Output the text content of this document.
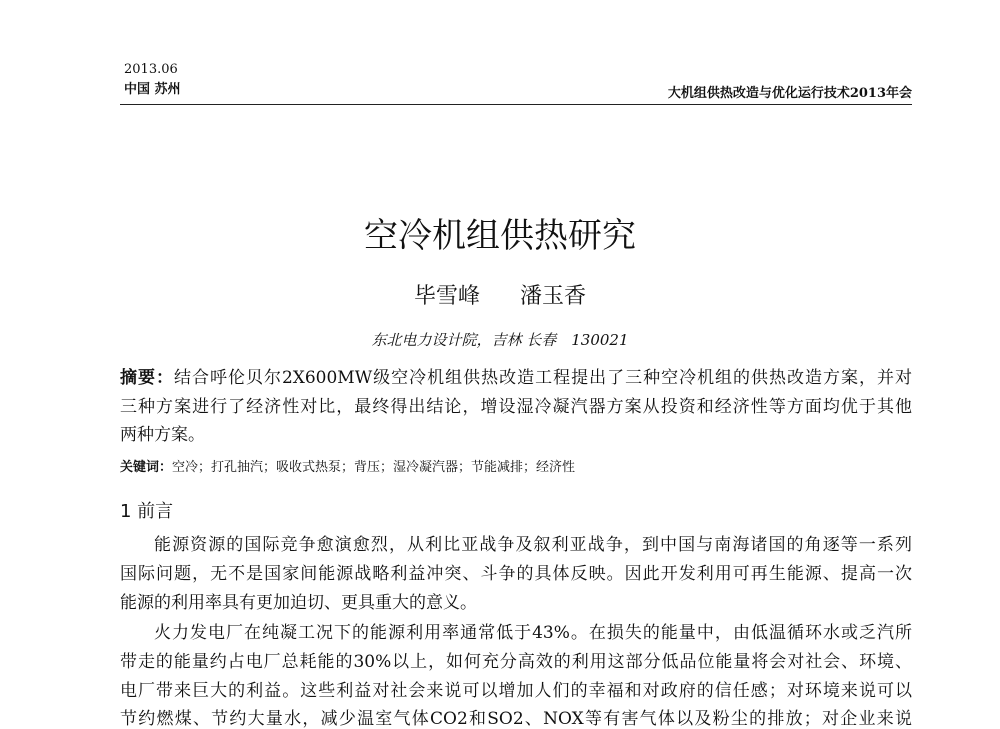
2013.06
中国 苏州	大机组供热改造与优化运行技术2013年会
空冷机组供热研究
毕雪峰 潘玉香
东北电力设计院，吉林 长春　130021
摘要：结合呼伦贝尔2X600MW级空冷机组供热改造工程提出了三种空冷机组的供热改造方案，并对
三种方案进行了经济性对比，最终得出结论，增设湿冷凝汽器方案从投资和经济性等方面均优于其他
两种方案。
关键词：空冷；打孔抽汽；吸收式热泵；背压；湿冷凝汽器；节能减排；经济性
1 前言
能源资源的国际竞争愈演愈烈，从利比亚战争及叙利亚战争，到中国与南海诸国的角逐等一系列
国际问题，无不是国家间能源战略利益冲突、斗争的具体反映。因此开发利用可再生能源、提高一次
能源的利用率具有更加迫切、更具重大的意义。
火力发电厂在纯凝工况下的能源利用率通常低于43%。在损失的能量中，由低温循环水或乏汽所
带走的能量约占电厂总耗能的30%以上，如何充分高效的利用这部分低品位能量将会对社会、环境、
电厂带来巨大的利益。这些利益对社会来说可以增加人们的幸福和对政府的信任感；对环境来说可以
节约燃煤、节约大量水，减少温室气体CO2和SO2、NOX等有害气体以及粉尘的排放；对企业来说
